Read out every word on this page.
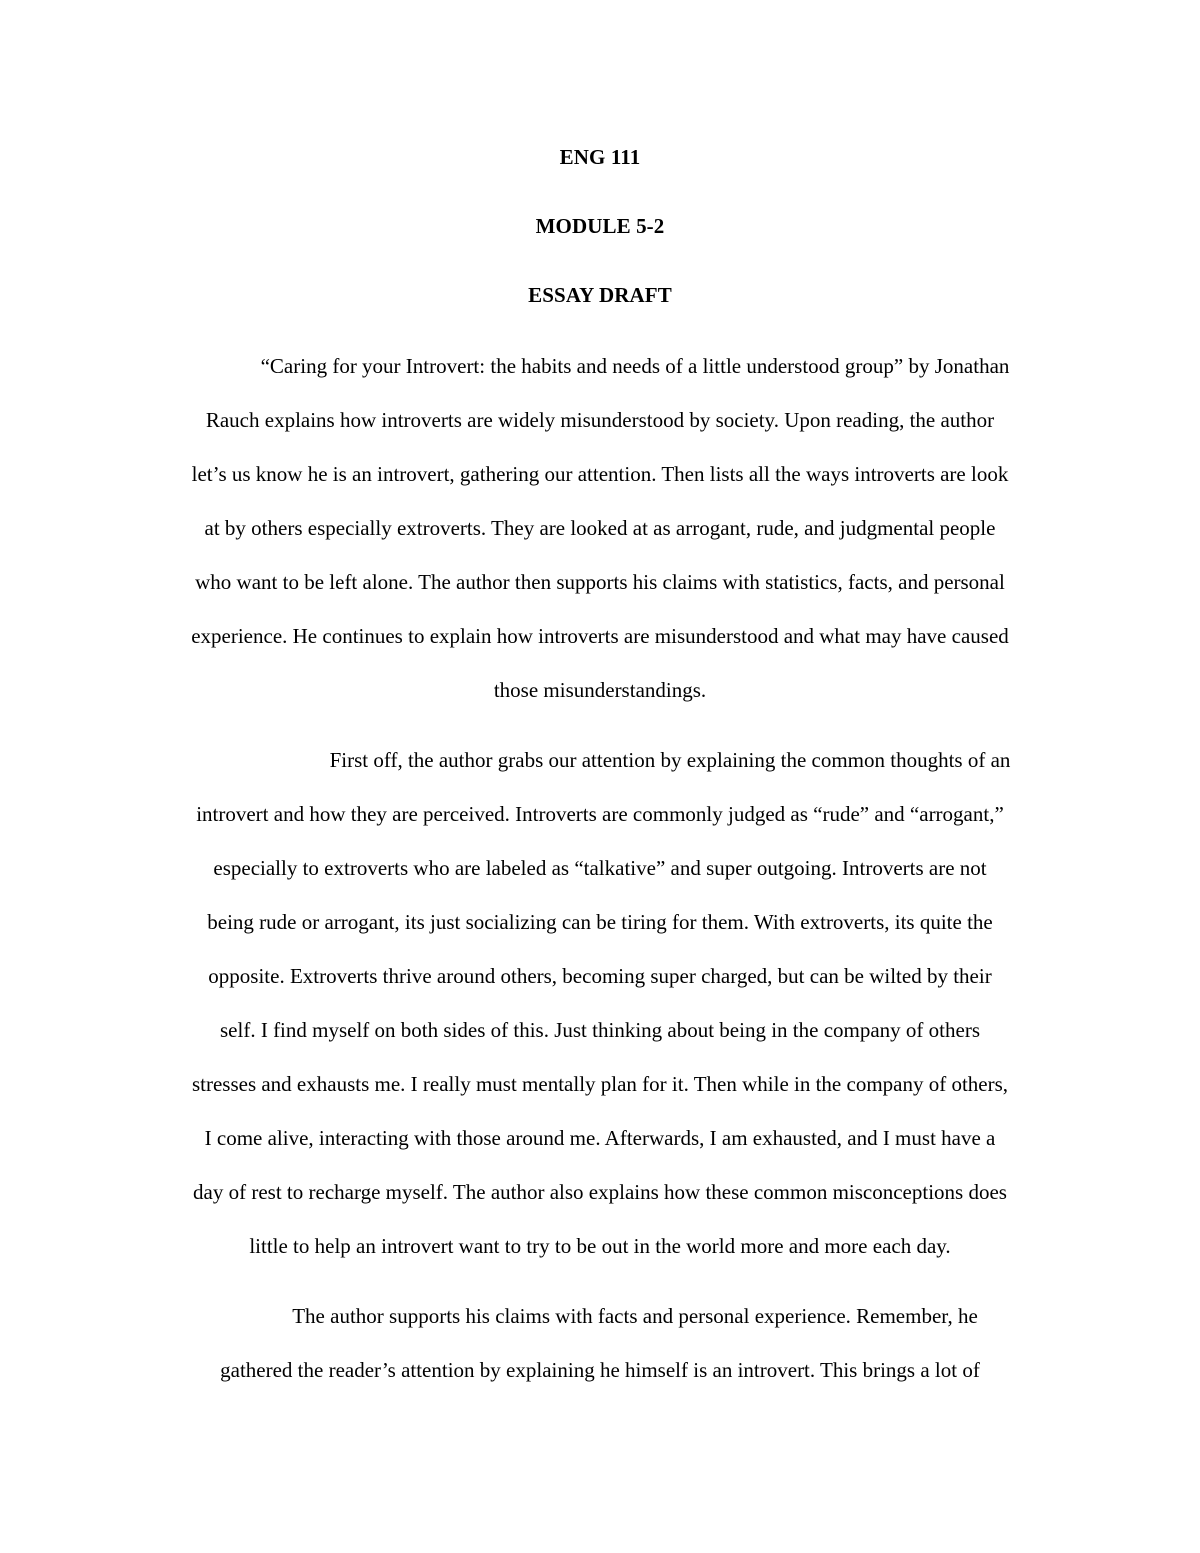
ENG 111

MODULE 5-2

ESSAY DRAFT

“Caring for your Introvert: the habits and needs of a little understood group” by Jonathan

Rauch explains how introverts are widely misunderstood by society. Upon reading, the author

let’s us know he is an introvert, gathering our attention. Then lists all the ways introverts are look

at by others especially extroverts. They are looked at as arrogant, rude, and judgmental people

who want to be left alone. The author then supports his claims with statistics, facts, and personal

experience. He continues to explain how introverts are misunderstood and what may have caused

those misunderstandings.

First off, the author grabs our attention by explaining the common thoughts of an

introvert and how they are perceived. Introverts are commonly judged as “rude” and “arrogant,”

especially to extroverts who are labeled as “talkative” and super outgoing. Introverts are not

being rude or arrogant, its just socializing can be tiring for them. With extroverts, its quite the

opposite. Extroverts thrive around others, becoming super charged, but can be wilted by their

self. I find myself on both sides of this. Just thinking about being in the company of others

stresses and exhausts me. I really must mentally plan for it. Then while in the company of others,

I come alive, interacting with those around me. Afterwards, I am exhausted, and I must have a

day of rest to recharge myself. The author also explains how these common misconceptions does

little to help an introvert want to try to be out in the world more and more each day.

The author supports his claims with facts and personal experience. Remember, he

gathered the reader’s attention by explaining he himself is an introvert. This brings a lot of
